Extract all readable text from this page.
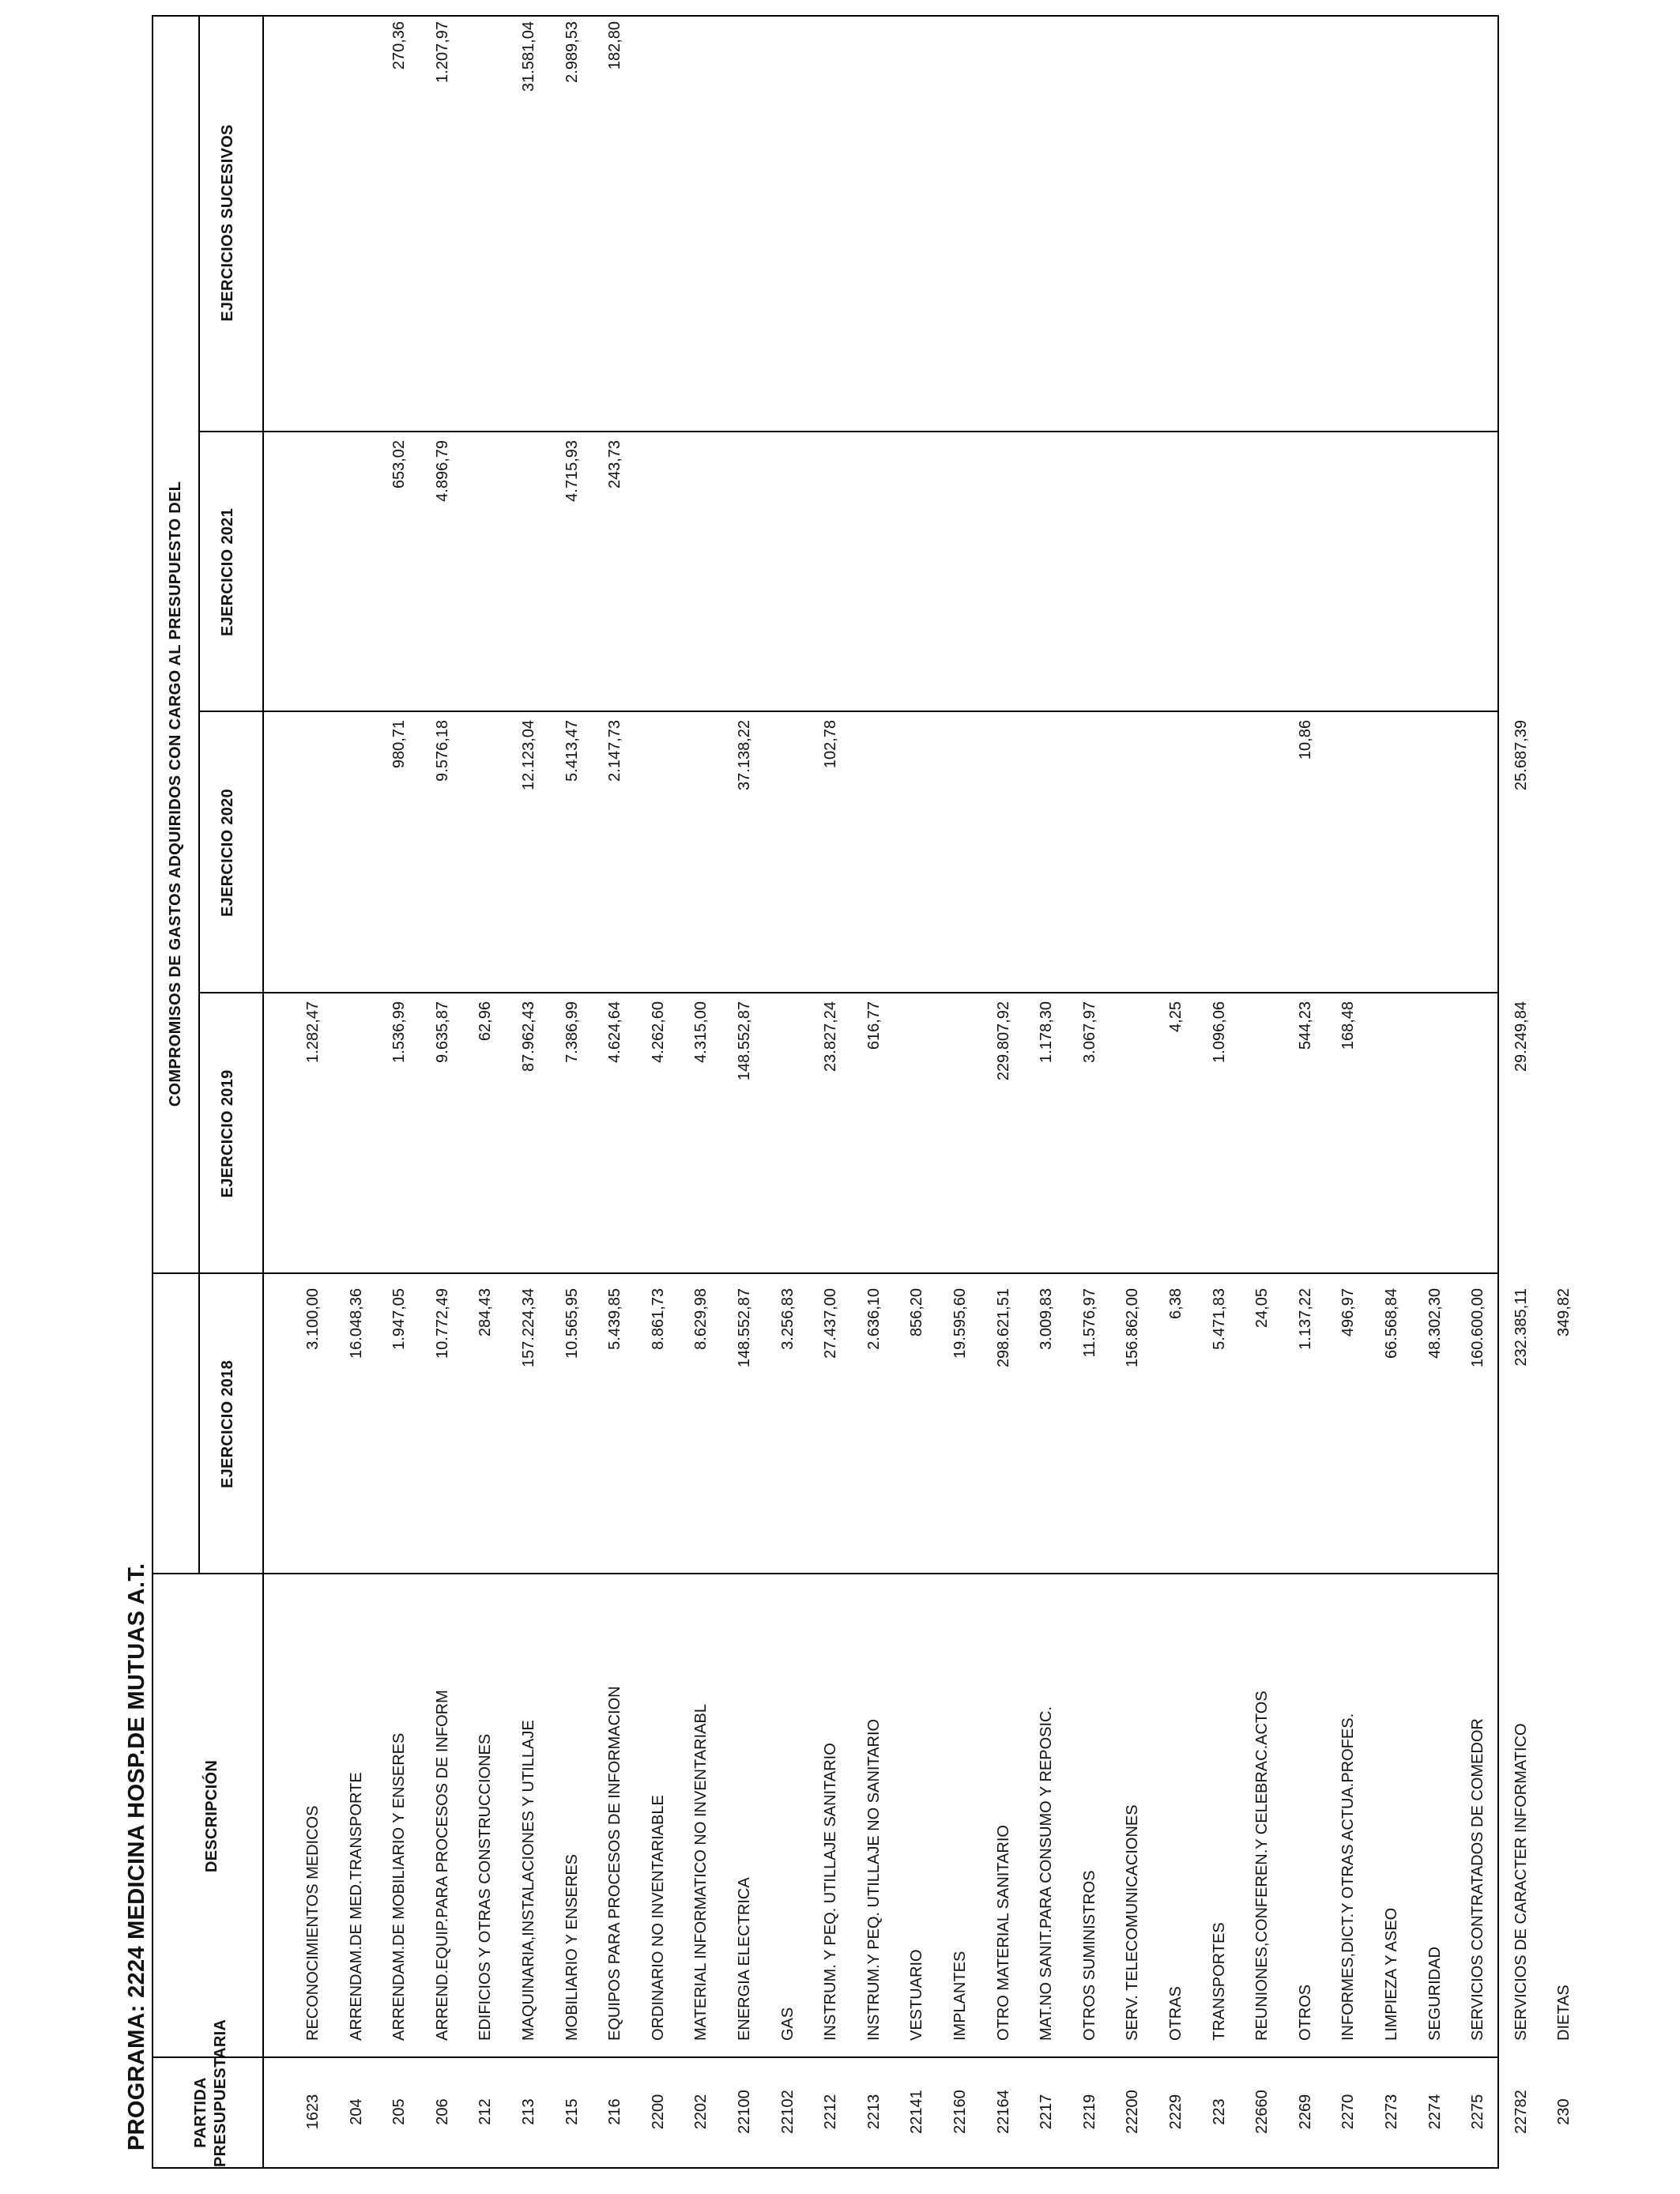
PROGRAMA: 2224 MEDICINA HOSP.DE MUTUAS A.T.	PARTIDA PRESUPUESTARIA
DESCRIPCIÓN
COMPROMISOS DE GASTOS ADQUIRIDOS CON CARGO AL PRESUPUESTO DEL
EJERCICIO 2018
EJERCICIO 2019
EJERCICIO 2020
EJERCICIO 2021
EJERCICIOS SUCESIVOS
1623
RECONOCIMIENTOS MEDICOS
3.100,00
1.282,47
204
ARRENDAM.DE MED.TRANSPORTE
16.048,36
205
ARRENDAM.DE MOBILIARIO Y ENSERES
1.947,05
1.536,99
980,71
653,02
270,36
206
ARREND.EQUIP.PARA PROCESOS DE INFORM
10.772,49
9.635,87
9.576,18
4.896,79
1.207,97
212
EDIFICIOS Y OTRAS CONSTRUCCIONES
284,43
62,96
213
MAQUINARIA,INSTALACIONES Y UTILLAJE
157.224,34
87.962,43
12.123,04
31.581,04
215
MOBILIARIO Y ENSERES
10.565,95
7.386,99
5.413,47
4.715,93
2.989,53
216
EQUIPOS PARA PROCESOS DE INFORMACION
5.439,85
4.624,64
2.147,73
243,73
182,80
2200
ORDINARIO NO INVENTARIABLE
8.861,73
4.262,60
2202
MATERIAL INFORMATICO NO INVENTARIABL
8.629,98
4.315,00
22100
ENERGIA ELECTRICA
148.552,87
148.552,87
37.138,22
22102
GAS
3.256,83
2212
INSTRUM. Y PEQ. UTILLAJE SANITARIO
27.437,00
23.827,24
102,78
2213
INSTRUM.Y PEQ. UTILLAJE NO SANITARIO
2.636,10
616,77
22141
VESTUARIO
856,20
22160
IMPLANTES
19.595,60
22164
OTRO MATERIAL SANITARIO
298.621,51
229.807,92
2217
MAT.NO SANIT.PARA CONSUMO Y REPOSIC.
3.009,83
1.178,30
2219
OTROS SUMINISTROS
11.576,97
3.067,97
22200
SERV. TELECOMUNICACIONES
156.862,00
2229
OTRAS
6,38
4,25
223
TRANSPORTES
5.471,83
1.096,06
22660
REUNIONES,CONFEREN.Y CELEBRAC.ACTOS
24,05
2269
OTROS
1.137,22
544,23
10,86
2270
INFORMES,DICT.Y OTRAS ACTUA.PROFES.
496,97
168,48
2273
LIMPIEZA Y ASEO
66.568,84
2274
SEGURIDAD
48.302,30
2275
SERVICIOS CONTRATADOS DE COMEDOR
160.600,00
22782
SERVICIOS DE CARACTER INFORMATICO
232.385,11
29.249,84
25.687,39
230
DIETAS
349,82
